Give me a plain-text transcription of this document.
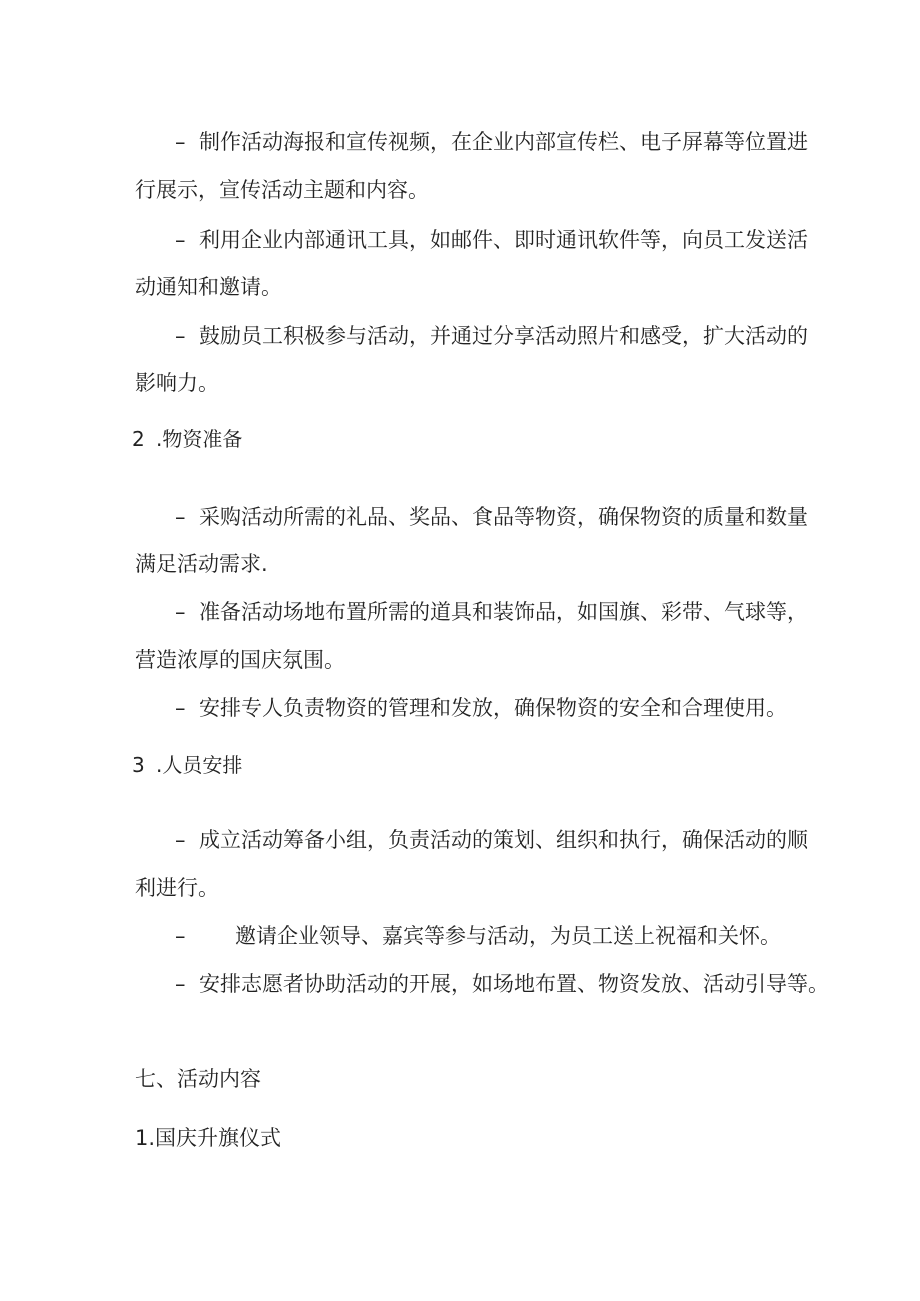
– 制作活动海报和宣传视频，在企业内部宣传栏、电子屏幕等位置进
行展示，宣传活动主题和内容。
– 利用企业内部通讯工具，如邮件、即时通讯软件等，向员工发送活
动通知和邀请。
– 鼓励员工积极参与活动，并通过分享活动照片和感受，扩大活动的
影响力。
2 .物资准备
– 采购活动所需的礼品、奖品、食品等物资，确保物资的质量和数量
满足活动需求.
– 准备活动场地布置所需的道具和装饰品，如国旗、彩带、气球等，
营造浓厚的国庆氛围。
– 安排专人负责物资的管理和发放，确保物资的安全和合理使用。
3 .人员安排
– 成立活动筹备小组，负责活动的策划、组织和执行，确保活动的顺
利进行。
– 邀请企业领导、嘉宾等参与活动，为员工送上祝福和关怀。
– 安排志愿者协助活动的开展，如场地布置、物资发放、活动引导等。
七、活动内容
1.国庆升旗仪式
